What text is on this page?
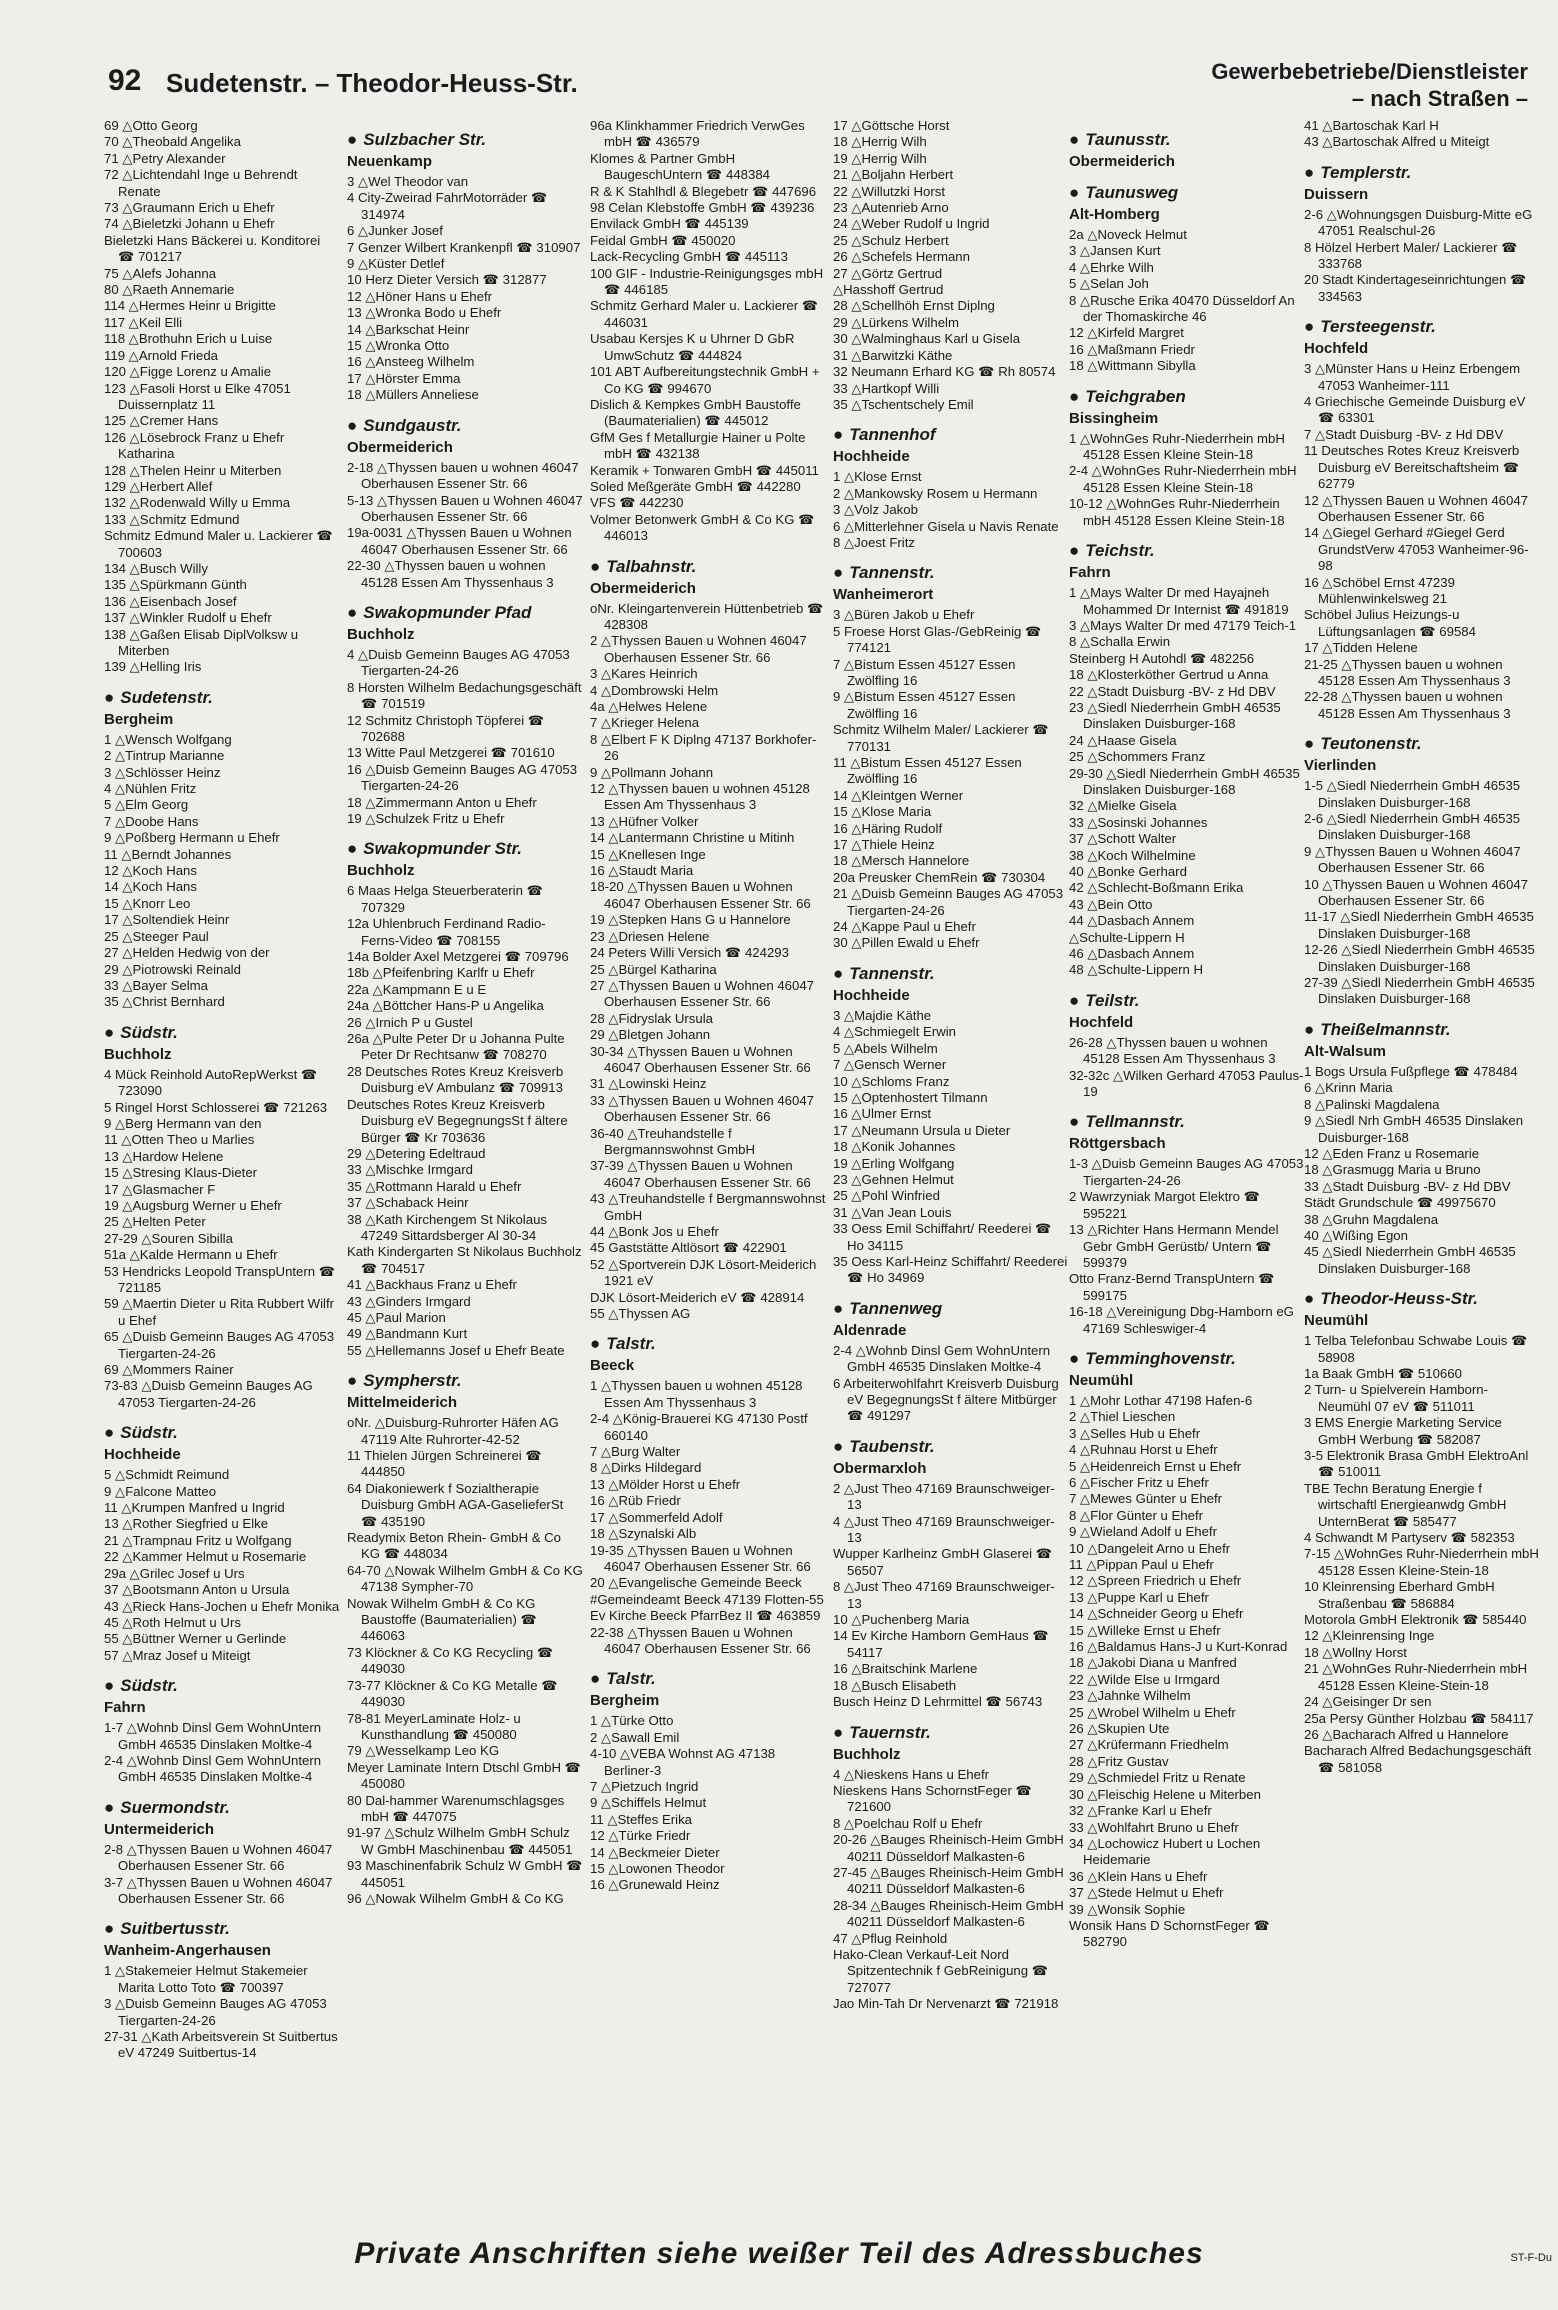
92 Sudetenstr. – Theodor-Heuss-Str.	Gewerbebetriebe/Dienstleister
– nach Straßen –
69 △Otto Georg
70 △Theobald Angelika
71 △Petry Alexander
72 △Lichtendahl Inge u Behrendt Renate
73 △Graumann Erich u Ehefr
74 △Bieletzki Johann u Ehefr
Bieletzki Hans Bäckerei u. Konditorei ☎ 701217
75 △Alefs Johanna
80 △Raeth Annemarie
114 △Hermes Heinr u Brigitte
117 △Keil Elli
118 △Brothuhn Erich u Luise
119 △Arnold Frieda
120 △Figge Lorenz u Amalie
123 △Fasoli Horst u Elke 47051 Duissernplatz 11
125 △Cremer Hans
126 △Lösebrock Franz u Ehefr Katharina
128 △Thelen Heinr u Miterben
129 △Herbert Allef
132 △Rodenwald Willy u Emma
133 △Schmitz Edmund
Schmitz Edmund Maler u. Lackierer ☎ 700603
134 △Busch Willy
135 △Spürkmann Günth
136 △Eisenbach Josef
137 △Winkler Rudolf u Ehefr
138 △Gaßen Elisab DiplVolksw u Miterben
139 △Helling Iris
● Sudetenstr.
Bergheim
1 △Wensch Wolfgang
2 △Tintrup Marianne
3 △Schlösser Heinz
4 △Nühlen Fritz
5 △Elm Georg
7 △Doobe Hans
9 △Poßberg Hermann u Ehefr
11 △Berndt Johannes
12 △Koch Hans
14 △Koch Hans
15 △Knorr Leo
17 △Soltendiek Heinr
25 △Steeger Paul
27 △Helden Hedwig von der
29 △Piotrowski Reinald
33 △Bayer Selma
35 △Christ Bernhard
● Südstr.
Buchholz
4 Mück Reinhold AutoRepWerkst ☎ 723090
5 Ringel Horst Schlosserei ☎ 721263
9 △Berg Hermann van den
11 △Otten Theo u Marlies
13 △Hardow Helene
15 △Stresing Klaus-Dieter
17 △Glasmacher F
19 △Augsburg Werner u Ehefr
25 △Helten Peter
27-29 △Souren Sibilla
51a △Kalde Hermann u Ehefr
53 Hendricks Leopold TranspUntern ☎ 721185
59 △Maertin Dieter u Rita Rubbert Wilfr u Ehef
65 △Duisb Gemeinn Bauges AG 47053 Tiergarten-24-26
69 △Mommers Rainer
73-83 △Duisb Gemeinn Bauges AG 47053 Tiergarten-24-26
● Südstr.
Hochheide
5 △Schmidt Reimund
9 △Falcone Matteo
11 △Krumpen Manfred u Ingrid
13 △Rother Siegfried u Elke
21 △Trampnau Fritz u Wolfgang
22 △Kammer Helmut u Rosemarie
29a △Grilec Josef u Urs
37 △Bootsmann Anton u Ursula
43 △Rieck Hans-Jochen u Ehefr Monika
45 △Roth Helmut u Urs
55 △Büttner Werner u Gerlinde
57 △Mraz Josef u Miteigt
● Südstr.
Fahrn
1-7 △Wohnb Dinsl Gem WohnUntern GmbH 46535 Dinslaken Moltke-4
2-4 △Wohnb Dinsl Gem WohnUntern GmbH 46535 Dinslaken Moltke-4
● Suermondstr.
Untermeiderich
2-8 △Thyssen Bauen u Wohnen 46047 Oberhausen Essener Str. 66
3-7 △Thyssen Bauen u Wohnen 46047 Oberhausen Essener Str. 66
● Suitbertusstr.
Wanheim-Angerhausen
1 △Stakemeier Helmut Stakemeier Marita Lotto Toto ☎ 700397
3 △Duisb Gemeinn Bauges AG 47053 Tiergarten-24-26
27-31 △Kath Arbeitsverein St Suitbertus eV 47249 Suitbertus-14
● Sulzbacher Str.
Neuenkamp
3 △Wel Theodor van
4 City-Zweirad FahrMotorräder ☎ 314974
6 △Junker Josef
7 Genzer Wilbert Krankenpfl ☎ 310907
9 △Küster Detlef
10 Herz Dieter Versich ☎ 312877
12 △Höner Hans u Ehefr
13 △Wronka Bodo u Ehefr
14 △Barkschat Heinr
15 △Wronka Otto
16 △Ansteeg Wilhelm
17 △Hörster Emma
18 △Müllers Anneliese
● Sundgaustr.
Obermeiderich
2-18 △Thyssen bauen u wohnen 46047 Oberhausen Essener Str. 66
5-13 △Thyssen Bauen u Wohnen 46047 Oberhausen Essener Str. 66
19a-0031 △Thyssen Bauen u Wohnen 46047 Oberhausen Essener Str. 66
22-30 △Thyssen bauen u wohnen 45128 Essen Am Thyssenhaus 3
● Swakopmunder Pfad
Buchholz
4 △Duisb Gemeinn Bauges AG 47053 Tiergarten-24-26
8 Horsten Wilhelm Bedachungsgeschäft ☎ 701519
12 Schmitz Christoph Töpferei ☎ 702688
13 Witte Paul Metzgerei ☎ 701610
16 △Duisb Gemeinn Bauges AG 47053 Tiergarten-24-26
18 △Zimmermann Anton u Ehefr
19 △Schulzek Fritz u Ehefr
● Swakopmunder Str.
Buchholz
6 Maas Helga Steuerberaterin ☎ 707329
12a Uhlenbruch Ferdinand Radio- Ferns-Video ☎ 708155
14a Bolder Axel Metzgerei ☎ 709796
18b △Pfeifenbring Karlfr u Ehefr
22a △Kampmann E u E
24a △Böttcher Hans-P u Angelika
26 △Irnich P u Gustel
26a △Pulte Peter Dr u Johanna Pulte Peter Dr Rechtsanw ☎ 708270
28 Deutsches Rotes Kreuz Kreisverb Duisburg eV Ambulanz ☎ 709913
Deutsches Rotes Kreuz Kreisverb Duisburg eV BegegnungsSt f ältere Bürger ☎ Kr 703636
29 △Detering Edeltraud
33 △Mischke Irmgard
35 △Rottmann Harald u Ehefr
37 △Schaback Heinr
38 △Kath Kirchengem St Nikolaus 47249 Sittardsberger Al 30-34
Kath Kindergarten St Nikolaus Buchholz ☎ 704517
41 △Backhaus Franz u Ehefr
43 △Ginders Irmgard
45 △Paul Marion
49 △Bandmann Kurt
55 △Hellemanns Josef u Ehefr Beate
● Sympherstr.
Mittelmeiderich
oNr. △Duisburg-Ruhrorter Häfen AG 47119 Alte Ruhrorter-42-52
11 Thielen Jürgen Schreinerei ☎ 444850
64 Diakoniewerk f Sozialtherapie Duisburg GmbH AGA-GaselieferSt ☎ 435190
Readymix Beton Rhein- GmbH & Co KG ☎ 448034
64-70 △Nowak Wilhelm GmbH & Co KG 47138 Sympher-70
Nowak Wilhelm GmbH & Co KG Baustoffe (Baumaterialien) ☎ 446063
73 Klöckner & Co KG Recycling ☎ 449030
73-77 Klöckner & Co KG Metalle ☎ 449030
78-81 MeyerLaminate Holz- u Kunsthandlung ☎ 450080
79 △Wesselkamp Leo KG
Meyer Laminate Intern Dtschl GmbH ☎ 450080
80 Dal-hammer Warenumschlagsges mbH ☎ 447075
91-97 △Schulz Wilhelm GmbH Schulz W GmbH Maschinenbau ☎ 445051
93 Maschinenfabrik Schulz W GmbH ☎ 445051
96 △Nowak Wilhelm GmbH & Co KG
96a Klinkhammer Friedrich VerwGes mbH ☎ 436579
Klomes & Partner GmbH BaugeschUntern ☎ 448384
R & K Stahlhdl & Blegebetr ☎ 447696
98 Celan Klebstoffe GmbH ☎ 439236
Envilack GmbH ☎ 445139
Feidal GmbH ☎ 450020
Lack-Recycling GmbH ☎ 445113
100 GIF - Industrie-Reinigungsges mbH ☎ 446185
Schmitz Gerhard Maler u. Lackierer ☎ 446031
Usabau Kersjes K u Uhrner D GbR UmwSchutz ☎ 444824
101 ABT Aufbereitungstechnik GmbH + Co KG ☎ 994670
Dislich & Kempkes GmbH Baustoffe (Baumaterialien) ☎ 445012
GfM Ges f Metallurgie Hainer u Polte mbH ☎ 432138
Keramik + Tonwaren GmbH ☎ 445011
Soled Meßgeräte GmbH ☎ 442280
VFS ☎ 442230
Volmer Betonwerk GmbH & Co KG ☎ 446013
● Talbahnstr.
Obermeiderich
oNr. Kleingartenverein Hüttenbetrieb ☎ 428308
2 △Thyssen Bauen u Wohnen 46047 Oberhausen Essener Str. 66
3 △Kares Heinrich
4 △Dombrowski Helm
4a △Helwes Helene
7 △Krieger Helena
8 △Elbert F K Diplng 47137 Borkhofer-26
9 △Pollmann Johann
12 △Thyssen bauen u wohnen 45128 Essen Am Thyssenhaus 3
13 △Hüfner Volker
14 △Lantermann Christine u Mitinh
15 △Knellesen Inge
16 △Staudt Maria
18-20 △Thyssen Bauen u Wohnen 46047 Oberhausen Essener Str. 66
19 △Stepken Hans G u Hannelore
23 △Driesen Helene
24 Peters Willi Versich ☎ 424293
25 △Bürgel Katharina
27 △Thyssen Bauen u Wohnen 46047 Oberhausen Essener Str. 66
28 △Fidryslak Ursula
29 △Bletgen Johann
30-34 △Thyssen Bauen u Wohnen 46047 Oberhausen Essener Str. 66
31 △Lowinski Heinz
33 △Thyssen Bauen u Wohnen 46047 Oberhausen Essener Str. 66
36-40 △Treuhandstelle f Bergmannswohnst GmbH
37-39 △Thyssen Bauen u Wohnen 46047 Oberhausen Essener Str. 66
43 △Treuhandstelle f Bergmannswohnst GmbH
44 △Bonk Jos u Ehefr
45 Gaststätte Altlösort ☎ 422901
52 △Sportverein DJK Lösort-Meiderich 1921 eV
DJK Lösort-Meiderich eV ☎ 428914
55 △Thyssen AG
● Talstr.
Beeck
1 △Thyssen bauen u wohnen 45128 Essen Am Thyssenhaus 3
2-4 △König-Brauerei KG 47130 Postf 660140
7 △Burg Walter
8 △Dirks Hildegard
13 △Mölder Horst u Ehefr
16 △Rüb Friedr
17 △Sommerfeld Adolf
18 △Szynalski Alb
19-35 △Thyssen Bauen u Wohnen 46047 Oberhausen Essener Str. 66
20 △Evangelische Gemeinde Beeck
#Gemeindeamt Beeck 47139 Flotten-55
Ev Kirche Beeck PfarrBez II ☎ 463859
22-38 △Thyssen Bauen u Wohnen 46047 Oberhausen Essener Str. 66
● Talstr.
Bergheim
1 △Türke Otto
2 △Sawall Emil
4-10 △VEBA Wohnst AG 47138 Berliner-3
7 △Pietzuch Ingrid
9 △Schiffels Helmut
11 △Steffes Erika
12 △Türke Friedr
14 △Beckmeier Dieter
15 △Lowonen Theodor
16 △Grunewald Heinz
17 △Göttsche Horst
18 △Herrig Wilh
19 △Herrig Wilh
21 △Boljahn Herbert
22 △Willutzki Horst
23 △Autenrieb Arno
24 △Weber Rudolf u Ingrid
25 △Schulz Herbert
26 △Schefels Hermann
27 △Görtz Gertrud
△Hasshoff Gertrud
28 △Schellhöh Ernst Diplng
29 △Lürkens Wilhelm
30 △Walminghaus Karl u Gisela
31 △Barwitzki Käthe
32 Neumann Erhard KG ☎ Rh 80574
33 △Hartkopf Willi
35 △Tschentschely Emil
● Tannenhof
Hochheide
1 △Klose Ernst
2 △Mankowsky Rosem u Hermann
3 △Volz Jakob
6 △Mitterlehner Gisela u Navis Renate
8 △Joest Fritz
● Tannenstr.
Wanheimerort
3 △Büren Jakob u Ehefr
5 Froese Horst Glas-/GebReinig ☎ 774121
7 △Bistum Essen 45127 Essen Zwölfling 16
9 △Bistum Essen 45127 Essen Zwölfling 16
Schmitz Wilhelm Maler/ Lackierer ☎ 770131
11 △Bistum Essen 45127 Essen Zwölfling 16
14 △Kleintgen Werner
15 △Klose Maria
16 △Häring Rudolf
17 △Thiele Heinz
18 △Mersch Hannelore
20a Preusker ChemRein ☎ 730304
21 △Duisb Gemeinn Bauges AG 47053 Tiergarten-24-26
24 △Kappe Paul u Ehefr
30 △Pillen Ewald u Ehefr
● Tannenstr.
Hochheide
3 △Majdie Käthe
4 △Schmiegelt Erwin
5 △Abels Wilhelm
7 △Gensch Werner
10 △Schloms Franz
15 △Optenhostert Tilmann
16 △Ulmer Ernst
17 △Neumann Ursula u Dieter
18 △Konik Johannes
19 △Erling Wolfgang
23 △Gehnen Helmut
25 △Pohl Winfried
31 △Van Jean Louis
33 Oess Emil Schiffahrt/ Reederei ☎ Ho 34115
35 Oess Karl-Heinz Schiffahrt/ Reederei ☎ Ho 34969
● Tannenweg
Aldenrade
2-4 △Wohnb Dinsl Gem WohnUntern GmbH 46535 Dinslaken Moltke-4
6 Arbeiterwohlfahrt Kreisverb Duisburg eV BegegnungsSt f ältere Mitbürger ☎ 491297
● Taubenstr.
Obermarxloh
2 △Just Theo 47169 Braunschweiger-13
4 △Just Theo 47169 Braunschweiger-13
Wupper Karlheinz GmbH Glaserei ☎ 56507
8 △Just Theo 47169 Braunschweiger-13
10 △Puchenberg Maria
14 Ev Kirche Hamborn GemHaus ☎ 54117
16 △Braitschink Marlene
18 △Busch Elisabeth
Busch Heinz D Lehrmittel ☎ 56743
● Tauernstr.
Buchholz
4 △Nieskens Hans u Ehefr
Nieskens Hans SchornstFeger ☎ 721600
8 △Poelchau Rolf u Ehefr
20-26 △Bauges Rheinisch-Heim GmbH 40211 Düsseldorf Malkasten-6
27-45 △Bauges Rheinisch-Heim GmbH 40211 Düsseldorf Malkasten-6
28-34 △Bauges Rheinisch-Heim GmbH 40211 Düsseldorf Malkasten-6
47 △Pflug Reinhold
Hako-Clean Verkauf-Leit Nord Spitzentechnik f GebReinigung ☎ 727077
Jao Min-Tah Dr Nervenarzt ☎ 721918
● Taunusstr.
Obermeiderich
● Taunusweg
Alt-Homberg
2a △Noveck Helmut
3 △Jansen Kurt
4 △Ehrke Wilh
5 △Selan Joh
8 △Rusche Erika 40470 Düsseldorf An der Thomaskirche 46
12 △Kirfeld Margret
16 △Maßmann Friedr
18 △Wittmann Sibylla
● Teichgraben
Bissingheim
1 △WohnGes Ruhr-Niederrhein mbH 45128 Essen Kleine Stein-18
2-4 △WohnGes Ruhr-Niederrhein mbH 45128 Essen Kleine Stein-18
10-12 △WohnGes Ruhr-Niederrhein mbH 45128 Essen Kleine Stein-18
● Teichstr.
Fahrn
1 △Mays Walter Dr med Hayajneh Mohammed Dr Internist ☎ 491819
3 △Mays Walter Dr med 47179 Teich-1
8 △Schalla Erwin
Steinberg H Autohdl ☎ 482256
18 △Klosterköther Gertrud u Anna
22 △Stadt Duisburg -BV- z Hd DBV
23 △Siedl Niederrhein GmbH 46535 Dinslaken Duisburger-168
24 △Haase Gisela
25 △Schommers Franz
29-30 △Siedl Niederrhein GmbH 46535 Dinslaken Duisburger-168
32 △Mielke Gisela
33 △Sosinski Johannes
37 △Schott Walter
38 △Koch Wilhelmine
40 △Bonke Gerhard
42 △Schlecht-Boßmann Erika
43 △Bein Otto
44 △Dasbach Annem
△Schulte-Lippern H
46 △Dasbach Annem
48 △Schulte-Lippern H
● Teilstr.
Hochfeld
26-28 △Thyssen bauen u wohnen 45128 Essen Am Thyssenhaus 3
32-32c △Wilken Gerhard 47053 Paulus-19
● Tellmannstr.
Röttgersbach
1-3 △Duisb Gemeinn Bauges AG 47053 Tiergarten-24-26
2 Wawrzyniak Margot Elektro ☎ 595221
13 △Richter Hans Hermann Mendel Gebr GmbH Gerüstb/ Untern ☎ 599379
Otto Franz-Bernd TranspUntern ☎ 599175
16-18 △Vereinigung Dbg-Hamborn eG 47169 Schleswiger-4
● Temminghovenstr.
Neumühl
1 △Mohr Lothar 47198 Hafen-6
2 △Thiel Lieschen
3 △Selles Hub u Ehefr
4 △Ruhnau Horst u Ehefr
5 △Heidenreich Ernst u Ehefr
6 △Fischer Fritz u Ehefr
7 △Mewes Günter u Ehefr
8 △Flor Günter u Ehefr
9 △Wieland Adolf u Ehefr
10 △Dangeleit Arno u Ehefr
11 △Pippan Paul u Ehefr
12 △Spreen Friedrich u Ehefr
13 △Puppe Karl u Ehefr
14 △Schneider Georg u Ehefr
15 △Willeke Ernst u Ehefr
16 △Baldamus Hans-J u Kurt-Konrad
18 △Jakobi Diana u Manfred
22 △Wilde Else u Irmgard
23 △Jahnke Wilhelm
25 △Wrobel Wilhelm u Ehefr
26 △Skupien Ute
27 △Krüfermann Friedhelm
28 △Fritz Gustav
29 △Schmiedel Fritz u Renate
30 △Fleischig Helene u Miterben
32 △Franke Karl u Ehefr
33 △Wohlfahrt Bruno u Ehefr
34 △Lochowicz Hubert u Lochen Heidemarie
36 △Klein Hans u Ehefr
37 △Stede Helmut u Ehefr
39 △Wonsik Sophie
Wonsik Hans D SchornstFeger ☎ 582790
41 △Bartoschak Karl H
43 △Bartoschak Alfred u Miteigt
● Templerstr.
Duissern
2-6 △Wohnungsgen Duisburg-Mitte eG 47051 Realschul-26
8 Hölzel Herbert Maler/ Lackierer ☎ 333768
20 Stadt Kindertageseinrichtungen ☎ 334563
● Tersteegenstr.
Hochfeld
3 △Münster Hans u Heinz Erbengem 47053 Wanheimer-111
4 Griechische Gemeinde Duisburg eV ☎ 63301
7 △Stadt Duisburg -BV- z Hd DBV
11 Deutsches Rotes Kreuz Kreisverb Duisburg eV Bereitschaftsheim ☎ 62779
12 △Thyssen Bauen u Wohnen 46047 Oberhausen Essener Str. 66
14 △Giegel Gerhard #Giegel Gerd GrundstVerw 47053 Wanheimer-96-98
16 △Schöbel Ernst 47239 Mühlenwinkelsweg 21
Schöbel Julius Heizungs-u Lüftungsanlagen ☎ 69584
17 △Tidden Helene
21-25 △Thyssen bauen u wohnen 45128 Essen Am Thyssenhaus 3
22-28 △Thyssen bauen u wohnen 45128 Essen Am Thyssenhaus 3
● Teutonenstr.
Vierlinden
1-5 △Siedl Niederrhein GmbH 46535 Dinslaken Duisburger-168
2-6 △Siedl Niederrhein GmbH 46535 Dinslaken Duisburger-168
9 △Thyssen Bauen u Wohnen 46047 Oberhausen Essener Str. 66
10 △Thyssen Bauen u Wohnen 46047 Oberhausen Essener Str. 66
11-17 △Siedl Niederrhein GmbH 46535 Dinslaken Duisburger-168
12-26 △Siedl Niederrhein GmbH 46535 Dinslaken Duisburger-168
27-39 △Siedl Niederrhein GmbH 46535 Dinslaken Duisburger-168
● Theißelmannstr.
Alt-Walsum
1 Bogs Ursula Fußpflege ☎ 478484
6 △Krinn Maria
8 △Palinski Magdalena
9 △Siedl Nrh GmbH 46535 Dinslaken Duisburger-168
12 △Eden Franz u Rosemarie
18 △Grasmugg Maria u Bruno
33 △Stadt Duisburg -BV- z Hd DBV
Städt Grundschule ☎ 49975670
38 △Gruhn Magdalena
40 △Wißing Egon
45 △Siedl Niederrhein GmbH 46535 Dinslaken Duisburger-168
● Theodor-Heuss-Str.
Neumühl
1 Telba Telefonbau Schwabe Louis ☎ 58908
1a Baak GmbH ☎ 510660
2 Turn- u Spielverein Hamborn-Neumühl 07 eV ☎ 511011
3 EMS Energie Marketing Service GmbH Werbung ☎ 582087
3-5 Elektronik Brasa GmbH ElektroAnl ☎ 510011
TBE Techn Beratung Energie f wirtschaftl Energieanwdg GmbH UnternBerat ☎ 585477
4 Schwandt M Partyserv ☎ 582353
7-15 △WohnGes Ruhr-Niederrhein mbH 45128 Essen Kleine-Stein-18
10 Kleinrensing Eberhard GmbH Straßenbau ☎ 586884
Motorola GmbH Elektronik ☎ 585440
12 △Kleinrensing Inge
18 △Wollny Horst
21 △WohnGes Ruhr-Niederrhein mbH 45128 Essen Kleine-Stein-18
24 △Geisinger Dr sen
25a Persy Günther Holzbau ☎ 584117
26 △Bacharach Alfred u Hannelore
Bacharach Alfred Bedachungsgeschäft ☎ 581058
Private Anschriften siehe weißer Teil des Adressbuches	ST-F-Du
